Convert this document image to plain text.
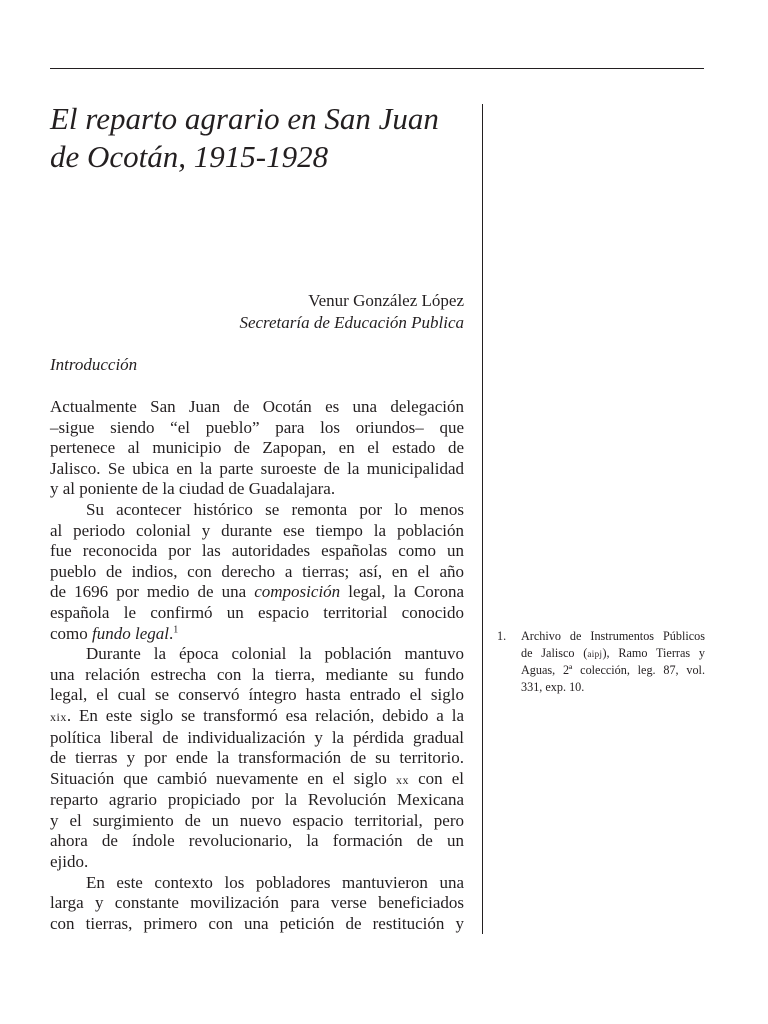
El reparto agrario en San Juan
de Ocotán, 1915-1928
Venur González López
Secretaría de Educación Publica
Introducción

Actualmente San Juan de Ocotán es una delegación
–sigue siendo “el pueblo” para los oriundos– que
pertenece al municipio de Zapopan, en el estado de
Jalisco. Se ubica en la parte suroeste de la municipalidad
y al poniente de la ciudad de Guadalajara.

Su acontecer histórico se remonta por lo menos
al periodo colonial y durante ese tiempo la población
fue reconocida por las autoridades españolas como un
pueblo de indios, con derecho a tierras; así, en el año
de 1696 por medio de una composición legal, la Corona
española le confirmó un espacio territorial conocido
como fundo legal.$^1$

Durante la época colonial la población mantuvo
una relación estrecha con la tierra, mediante su fundo
legal, el cual se conservó íntegro hasta entrado el siglo
xix. En este siglo se transformó esa relación, debido a la
política liberal de individualización y la pérdida gradual
de tierras y por ende la transformación de su territorio.
Situación que cambió nuevamente en el siglo xx con el
reparto agrario propiciado por la Revolución Mexicana
y el surgimiento de un nuevo espacio territorial, pero
ahora de índole revolucionario, la formación de un
ejido.

En este contexto los pobladores mantuvieron una
larga y constante movilización para verse beneficiados
con tierras, primero con una petición de restitución y

1. Archivo de Instrumentos Públicos
de Jalisco (aipj), Ramo Tierras y
Aguas, 2ª colección, leg. 87, vol.
331, exp. 10.
